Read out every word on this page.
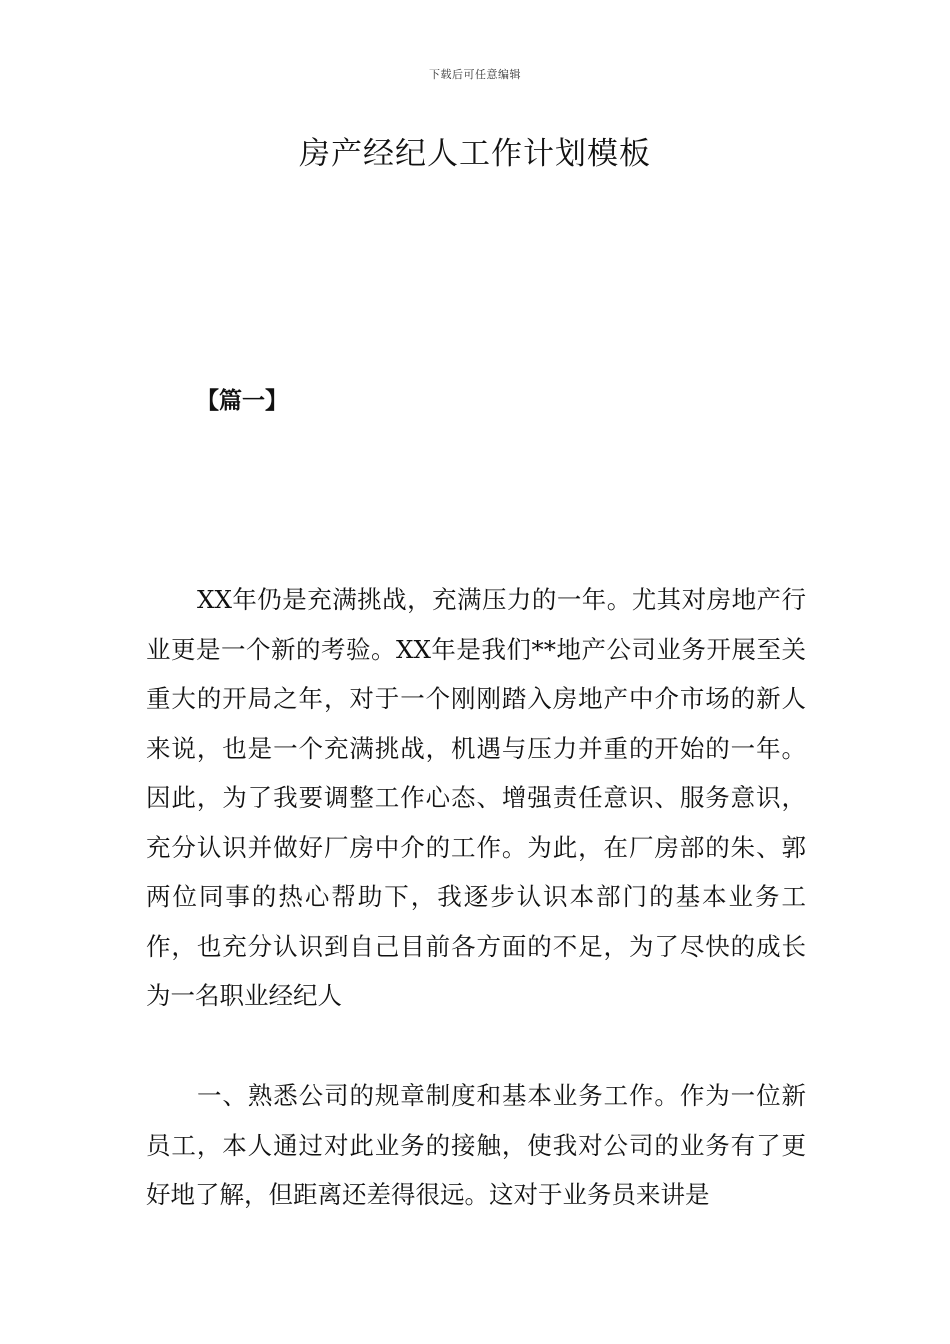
下载后可任意编辑
房产经纪人工作计划模板
【篇一】

XX年仍是充满挑战，充满压力的一年。尤其对房地产行业更是一个新的考验。XX年是我们**地产公司业务开展至关重大的开局之年，对于一个刚刚踏入房地产中介市场的新人来说，也是一个充满挑战，机遇与压力并重的开始的一年。因此，为了我要调整工作心态、增强责任意识、服务意识，充分认识并做好厂房中介的工作。为此，在厂房部的朱、郭两位同事的热心帮助下，我逐步认识本部门的基本业务工作，也充分认识到自己目前各方面的不足，为了尽快的成长为一名职业经纪人

一、熟悉公司的规章制度和基本业务工作。作为一位新员工，本人通过对此业务的接触，使我对公司的业务有了更好地了解，但距离还差得很远。这对于业务员来讲是
